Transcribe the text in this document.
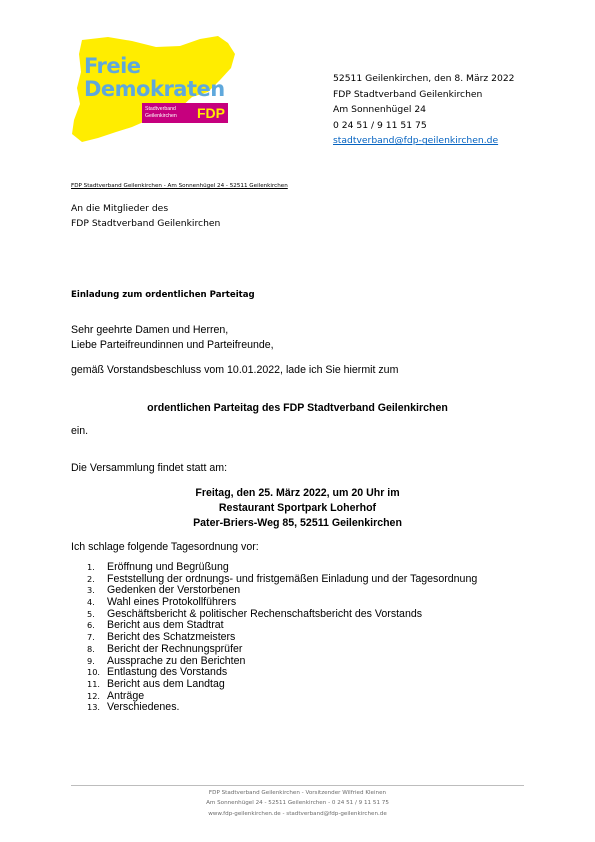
Freie
Demokraten
Stadtverband
Geilenkirchen FDP
52511 Geilenkirchen, den 8. März 2022
FDP Stadtverband Geilenkirchen
Am Sonnenhügel 24
0 24 51 / 9 11 51 75
stadtverband@fdp-geilenkirchen.de
FDP Stadtverband Geilenkirchen - Am Sonnenhügel 24 - 52511 Geilenkirchen
An die Mitglieder des
FDP Stadtverband Geilenkirchen
Einladung zum ordentlichen Parteitag
Sehr geehrte Damen und Herren,
Liebe Parteifreundinnen und Parteifreunde,
gemäß Vorstandsbeschluss vom 10.01.2022, lade ich Sie hiermit zum
ordentlichen Parteitag des FDP Stadtverband Geilenkirchen
ein.
Die Versammlung findet statt am:
Freitag, den 25. März 2022, um 20 Uhr im
Restaurant Sportpark Loherhof
Pater-Briers-Weg 85, 52511 Geilenkirchen
Ich schlage folgende Tagesordnung vor:
1. Eröffnung und Begrüßung
2. Feststellung der ordnungs- und fristgemäßen Einladung und der Tagesordnung
3. Gedenken der Verstorbenen
4. Wahl eines Protokollführers
5. Geschäftsbericht & politischer Rechenschaftsbericht des Vorstands
6. Bericht aus dem Stadtrat
7. Bericht des Schatzmeisters
8. Bericht der Rechnungsprüfer
9. Aussprache zu den Berichten
10. Entlastung des Vorstands
11. Bericht aus dem Landtag
12. Anträge
13. Verschiedenes.
FDP Stadtverband Geilenkirchen - Vorsitzender Wilfried Kleinen
Am Sonnenhügel 24 - 52511 Geilenkirchen - 0 24 51 / 9 11 51 75
www.fdp-geilenkirchen.de - stadtverband@fdp-geilenkirchen.de
